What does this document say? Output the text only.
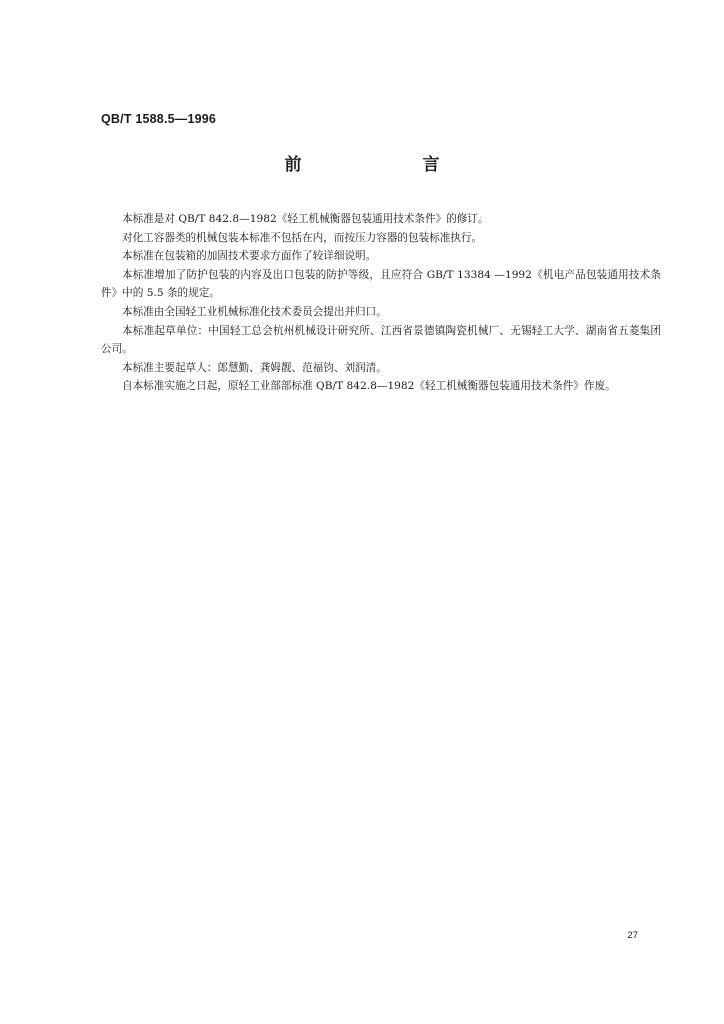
QB/T 1588.5—1996
前　言

本标准是对 QB/T 842.8—1982《轻工机械衡器包装通用技术条件》的修订。

对化工容器类的机械包装本标准不包括在内，而按压力容器的包装标准执行。

本标准在包装箱的加固技术要求方面作了较详细说明。

本标准增加了防护包装的内容及出口包装的防护等级，且应符合 GB/T 13384 —1992《机电产品包装通用技术条件》中的 5.5 条的规定。

本标准由全国轻工业机械标准化技术委员会提出并归口。

本标准起草单位：中国轻工总会杭州机械设计研究所、江西省景德镇陶瓷机械厂、无锡轻工大学、湖南省五菱集团公司。

本标准主要起草人：郎慧勤、龚姆靓、范福钧、刘润清。

自本标准实施之日起，原轻工业部部标准 QB/T 842.8—1982《轻工机械衡器包装通用技术条件》作废。

27
